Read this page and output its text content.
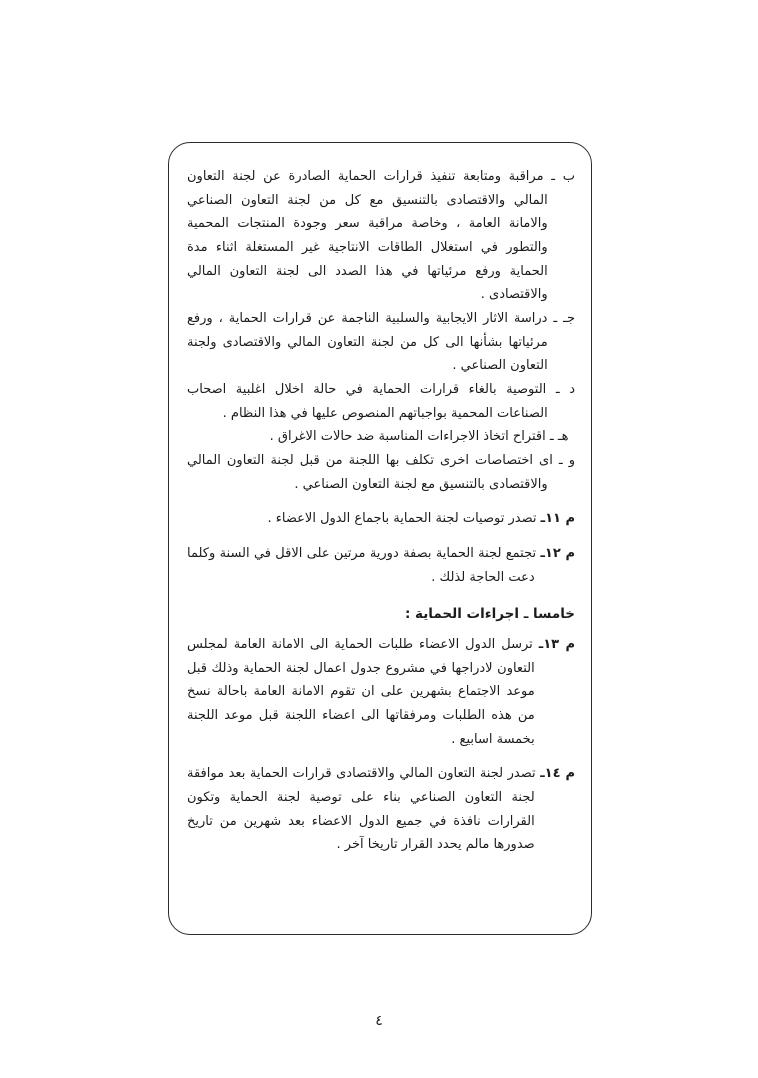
ب ـ مراقبة ومتابعة تنفيذ قرارات الحماية الصادرة عن لجنة التعاون المالي والاقتصادى بالتنسيق مع كل من لجنة التعاون الصناعي والامانة العامة ، وخاصة مراقبة سعر وجودة المنتجات المحمية والتطور في استغلال الطاقات الانتاجية غير المستغلة اثناء مدة الحماية ورفع مرئياتها في هذا الصدد الى لجنة التعاون المالي والاقتصادى .
جـ ـ دراسة الاثار الايجابية والسلبية الناجمة عن قرارات الحماية ، ورفع مرئياتها بشأنها الى كل من لجنة التعاون المالي والاقتصادى ولجنة التعاون الصناعي .
د ـ التوصية بالغاء قرارات الحماية في حالة اخلال اغلبية اصحاب الصناعات المحمية بواجباتهم المنصوص عليها في هذا النظام .
هـ ـ اقتراح اتخاذ الاجراءات المناسبة ضد حالات الاغراق .
و ـ اى اختصاصات اخرى تكلف بها اللجنة من قبل لجنة التعاون المالي والاقتصادى بالتنسيق مع لجنة التعاون الصناعي .
م ١١ـ تصدر توصيات لجنة الحماية باجماع الدول الاعضاء .
م ١٢ـ تجتمع لجنة الحماية بصفة دورية مرتين على الاقل في السنة وكلما دعت الحاجة لذلك .
خامسا ـ اجراءات الحماية :
م ١٣ـ ترسل الدول الاعضاء طلبات الحماية الى الامانة العامة لمجلس التعاون لادراجها في مشروع جدول اعمال لجنة الحماية وذلك قبل موعد الاجتماع بشهرين على ان تقوم الامانة العامة باحالة نسخ من هذه الطلبات ومرفقاتها الى اعضاء اللجنة قبل موعد اللجنة بخمسة اسابيع .
م ١٤ـ تصدر لجنة التعاون المالي والاقتصادى قرارات الحماية بعد موافقة لجنة التعاون الصناعي بناء على توصية لجنة الحماية وتكون القرارات نافذة في جميع الدول الاعضاء بعد شهرين من تاريخ صدورها مالم يحدد القرار تاريخا آخر .
٤
